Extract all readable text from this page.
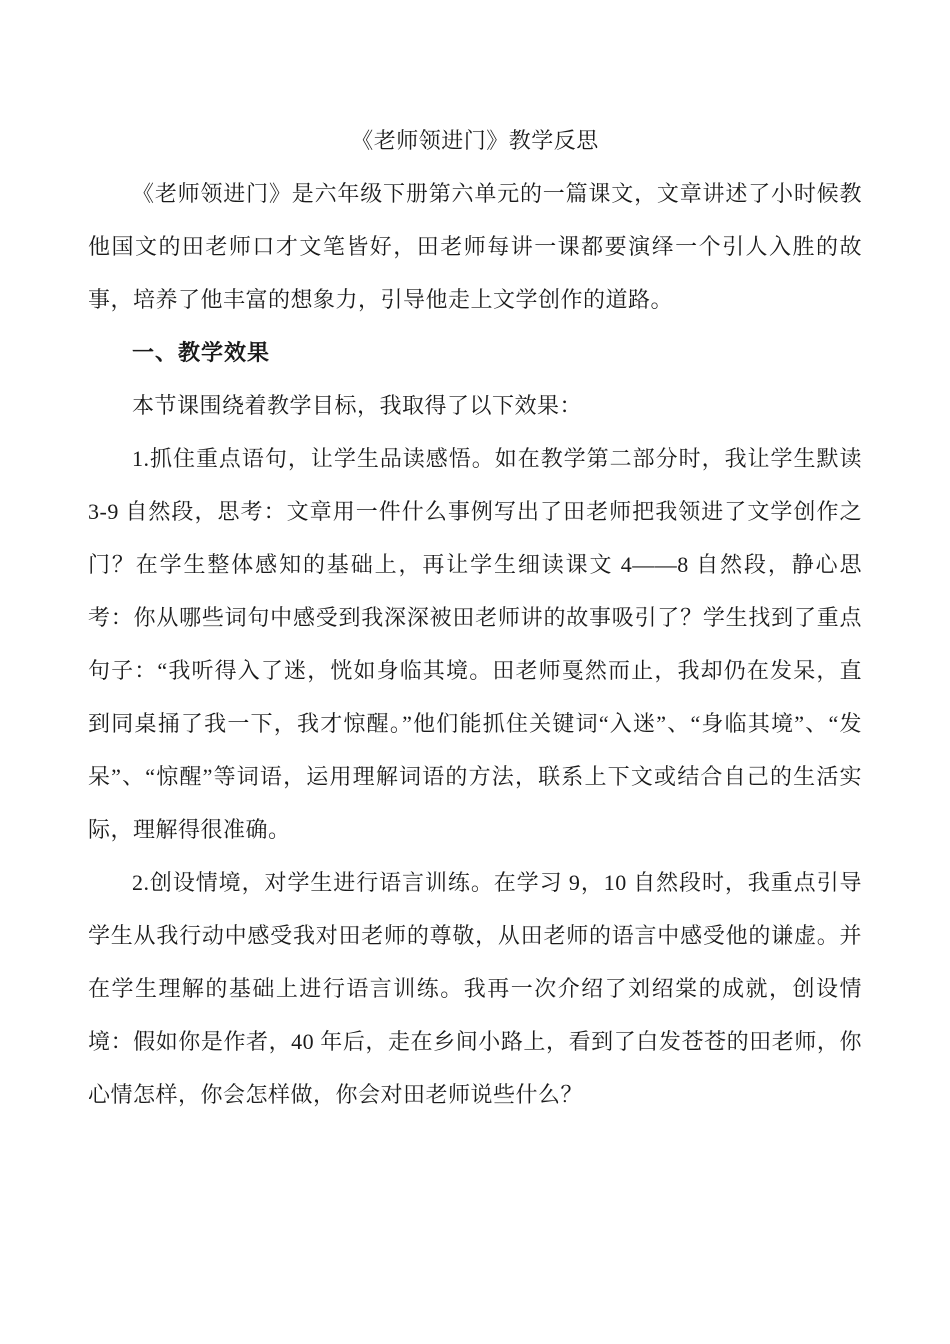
《老师领进门》教学反思

《老师领进门》是六年级下册第六单元的一篇课文，文章讲述了小时候教他国文的田老师口才文笔皆好，田老师每讲一课都要演绎一个引人入胜的故事，培养了他丰富的想象力，引导他走上文学创作的道路。

一、教学效果

本节课围绕着教学目标，我取得了以下效果：

1.抓住重点语句，让学生品读感悟。如在教学第二部分时，我让学生默读 3-9 自然段，思考：文章用一件什么事例写出了田老师把我领进了文学创作之门？在学生整体感知的基础上，再让学生细读课文 4——8 自然段，静心思考：你从哪些词句中感受到我深深被田老师讲的故事吸引了？学生找到了重点句子：“我听得入了迷，恍如身临其境。田老师戛然而止，我却仍在发呆，直到同桌捅了我一下，我才惊醒。”他们能抓住关键词“入迷”、“身临其境”、“发呆”、“惊醒”等词语，运用理解词语的方法，联系上下文或结合自己的生活实际，理解得很准确。

2.创设情境，对学生进行语言训练。在学习 9，10 自然段时，我重点引导学生从我行动中感受我对田老师的尊敬，从田老师的语言中感受他的谦虚。并在学生理解的基础上进行语言训练。我再一次介绍了刘绍棠的成就，创设情境：假如你是作者，40 年后，走在乡间小路上，看到了白发苍苍的田老师，你心情怎样，你会怎样做，你会对田老师说些什么？
